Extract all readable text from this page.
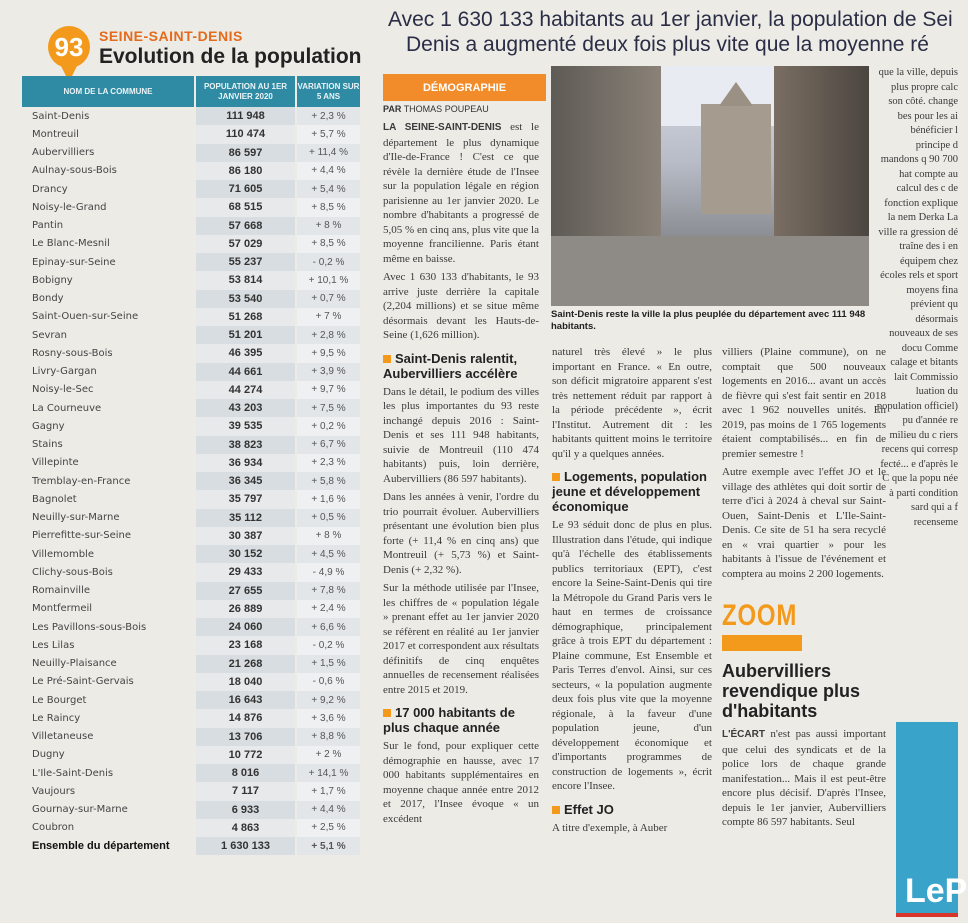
93	SEINE-SAINT-DENIS
Evolution de la population
Avec 1 630 133 habitants au 1er janvier, la population de Sei
Denis a augmenté deux fois plus vite que la moyenne ré
NOM DE LA COMMUNE
POPULATION AU 1ER JANVIER 2020
VARIATION SUR 5 ANS
Saint-Denis	111 948	+ 2,3 %
Montreuil	110 474	+ 5,7 %
Aubervilliers	86 597	+ 11,4 %
Aulnay-sous-Bois	86 180	+ 4,4 %
Drancy	71 605	+ 5,4 %
Noisy-le-Grand	68 515	+ 8,5 %
Pantin	57 668	+ 8 %
Le Blanc-Mesnil	57 029	+ 8,5 %
Epinay-sur-Seine	55 237	- 0,2 %
Bobigny	53 814	+ 10,1 %
Bondy	53 540	+ 0,7 %
Saint-Ouen-sur-Seine	51 268	+ 7 %
Sevran	51 201	+ 2,8 %
Rosny-sous-Bois	46 395	+ 9,5 %
Livry-Gargan	44 661	+ 3,9 %
Noisy-le-Sec	44 274	+ 9,7 %
La Courneuve	43 203	+ 7,5 %
Gagny	39 535	+ 0,2 %
Stains	38 823	+ 6,7 %
Villepinte	36 934	+ 2,3 %
Tremblay-en-France	36 345	+ 5,8 %
Bagnolet	35 797	+ 1,6 %
Neuilly-sur-Marne	35 112	+ 0,5 %
Pierrefitte-sur-Seine	30 387	+ 8 %
Villemomble	30 152	+ 4,5 %
Clichy-sous-Bois	29 433	- 4,9 %
Romainville	27 655	+ 7,8 %
Montfermeil	26 889	+ 2,4 %
Les Pavillons-sous-Bois	24 060	+ 6,6 %
Les Lilas	23 168	- 0,2 %
Neuilly-Plaisance	21 268	+ 1,5 %
Le Pré-Saint-Gervais	18 040	- 0,6 %
Le Bourget	16 643	+ 9,2 %
Le Raincy	14 876	+ 3,6 %
Villetaneuse	13 706	+ 8,8 %
Dugny	10 772	+ 2 %
L'Ile-Saint-Denis	8 016	+ 14,1 %
Vaujours	7 117	+ 1,7 %
Gournay-sur-Marne	6 933	+ 4,4 %
Coubron	4 863	+ 2,5 %
Ensemble du département	1 630 133	+ 5,1 %
DÉMOGRAPHIE
PAR THOMAS POUPEAU

LA SEINE-SAINT-DENIS est le département le plus dynamique d'Ile-de-France ! C'est ce que révèle la dernière étude de l'Insee sur la population légale en région parisienne au 1er janvier 2020. Le nombre d'habitants a progressé de 5,05 % en cinq ans, plus vite que la moyenne francilienne. Paris étant même en baisse.

Avec 1 630 133 d'habitants, le 93 arrive juste derrière la capitale (2,204 millions) et se situe même désormais devant les Hauts-de-Seine (1,626 million).

Saint-Denis ralentit, Aubervilliers accélère

Dans le détail, le podium des villes les plus importantes du 93 reste inchangé depuis 2016 : Saint-Denis et ses 111 948 habitants, suivie de Montreuil (110 474 habitants) puis, loin derrière, Aubervilliers (86 597 habitants).

Dans les années à venir, l'ordre du trio pourrait évoluer. Aubervilliers présentant une évolution bien plus forte (+ 11,4 % en cinq ans) que Montreuil (+ 5,73 %) et Saint-Denis (+ 2,32 %).

Sur la méthode utilisée par l'Insee, les chiffres de « population légale » prenant effet au 1er janvier 2020 se réfèrent en réalité au 1er janvier 2017 et correspondent aux résultats définitifs de cinq enquêtes annuelles de recensement réalisées entre 2015 et 2019.

17 000 habitants de plus chaque année

Sur le fond, pour expliquer cette démographie en hausse, avec 17 000 habitants supplémentaires en moyenne chaque année entre 2012 et 2017, l'Insee évoque « un excédent

Saint-Denis reste la ville la plus peuplée du département avec 111 948 habitants.

naturel très élevé » le plus important en France. « En outre, son déficit migratoire apparent s'est très nettement réduit par rapport à la période précédente », écrit l'Institut. Autrement dit : les habitants quittent moins le territoire qu'il y a quelques années.

Logements, population jeune et développement économique

Le 93 séduit donc de plus en plus. Illustration dans l'étude, qui indique qu'à l'échelle des établissements publics territoriaux (EPT), c'est encore la Seine-Saint-Denis qui tire la Métropole du Grand Paris vers le haut en termes de croissance démographique, principalement grâce à trois EPT du département : Plaine commune, Est Ensemble et Paris Terres d'envol. Ainsi, sur ces secteurs, « la population augmente deux fois plus vite que la moyenne régionale, à la faveur d'une population jeune, d'un développement économique et d'importants programmes de construction de logements », écrit encore l'Insee.

Effet JO

A titre d'exemple, à Auber

villiers (Plaine commune), on ne comptait que 500 nouveaux logements en 2016... avant un accès de fièvre qui s'est fait sentir en 2018 avec 1 962 nouvelles unités. En 2019, pas moins de 1 765 logements étaient comptabilisés... en fin de premier semestre !

Autre exemple avec l'effet JO et le village des athlètes qui doit sortir de terre d'ici à 2024 à cheval sur Saint-Ouen, Saint-Denis et L'Ile-Saint-Denis. Ce site de 51 ha sera recyclé en « vrai quartier » pour les habitants à l'issue de l'événement et comptera au moins 2 200 logements.

ZOOM
Aubervilliers revendique plus d'habitants

L'ÉCART n'est pas aussi important que celui des syndicats et de la police lors de chaque grande manifestation... Mais il est peut-être encore plus décisif. D'après l'Insee, depuis le 1er janvier, Aubervilliers compte 86 597 habitants. Seul

que la ville, depuis plus propre calc son côté. change bes pour les ai bénéficier l principe d mandons q 90 700 hat compte au calcul des c de fonction explique la nem Derka La ville ra gression dé traîne des i en équipem chez écoles rels et sport moyens fina prévient qu désormais nouveaux de ses docu Comme calage et bitants lait Commissio luation du population officiel) pu d'année re milieu du c riers recens qui corresp fecté... e d'après le C que la popu née à parti condition sard qui a f recenseme
LeP
